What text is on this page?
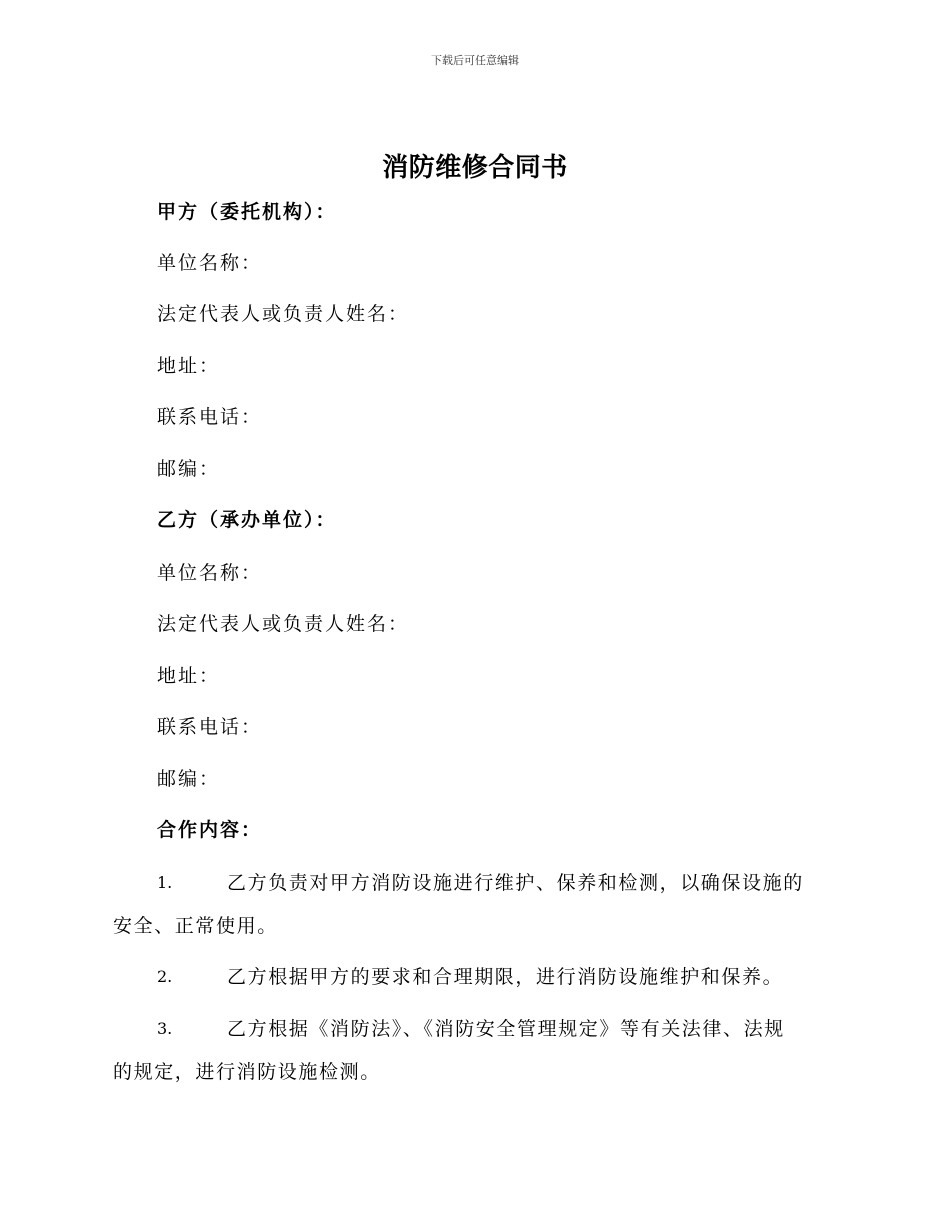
下载后可任意编辑
消防维修合同书
甲方（委托机构）：
单位名称：
法定代表人或负责人姓名：
地址：
联系电话：
邮编：
乙方（承办单位）：
单位名称：
法定代表人或负责人姓名：
地址：
联系电话：
邮编：
合作内容：
1.	乙方负责对甲方消防设施进行维护、保养和检测，以确保设施的
安全、正常使用。
2.	乙方根据甲方的要求和合理期限，进行消防设施维护和保养。
3.	乙方根据《消防法》、《消防安全管理规定》等有关法律、法规
的规定，进行消防设施检测。
